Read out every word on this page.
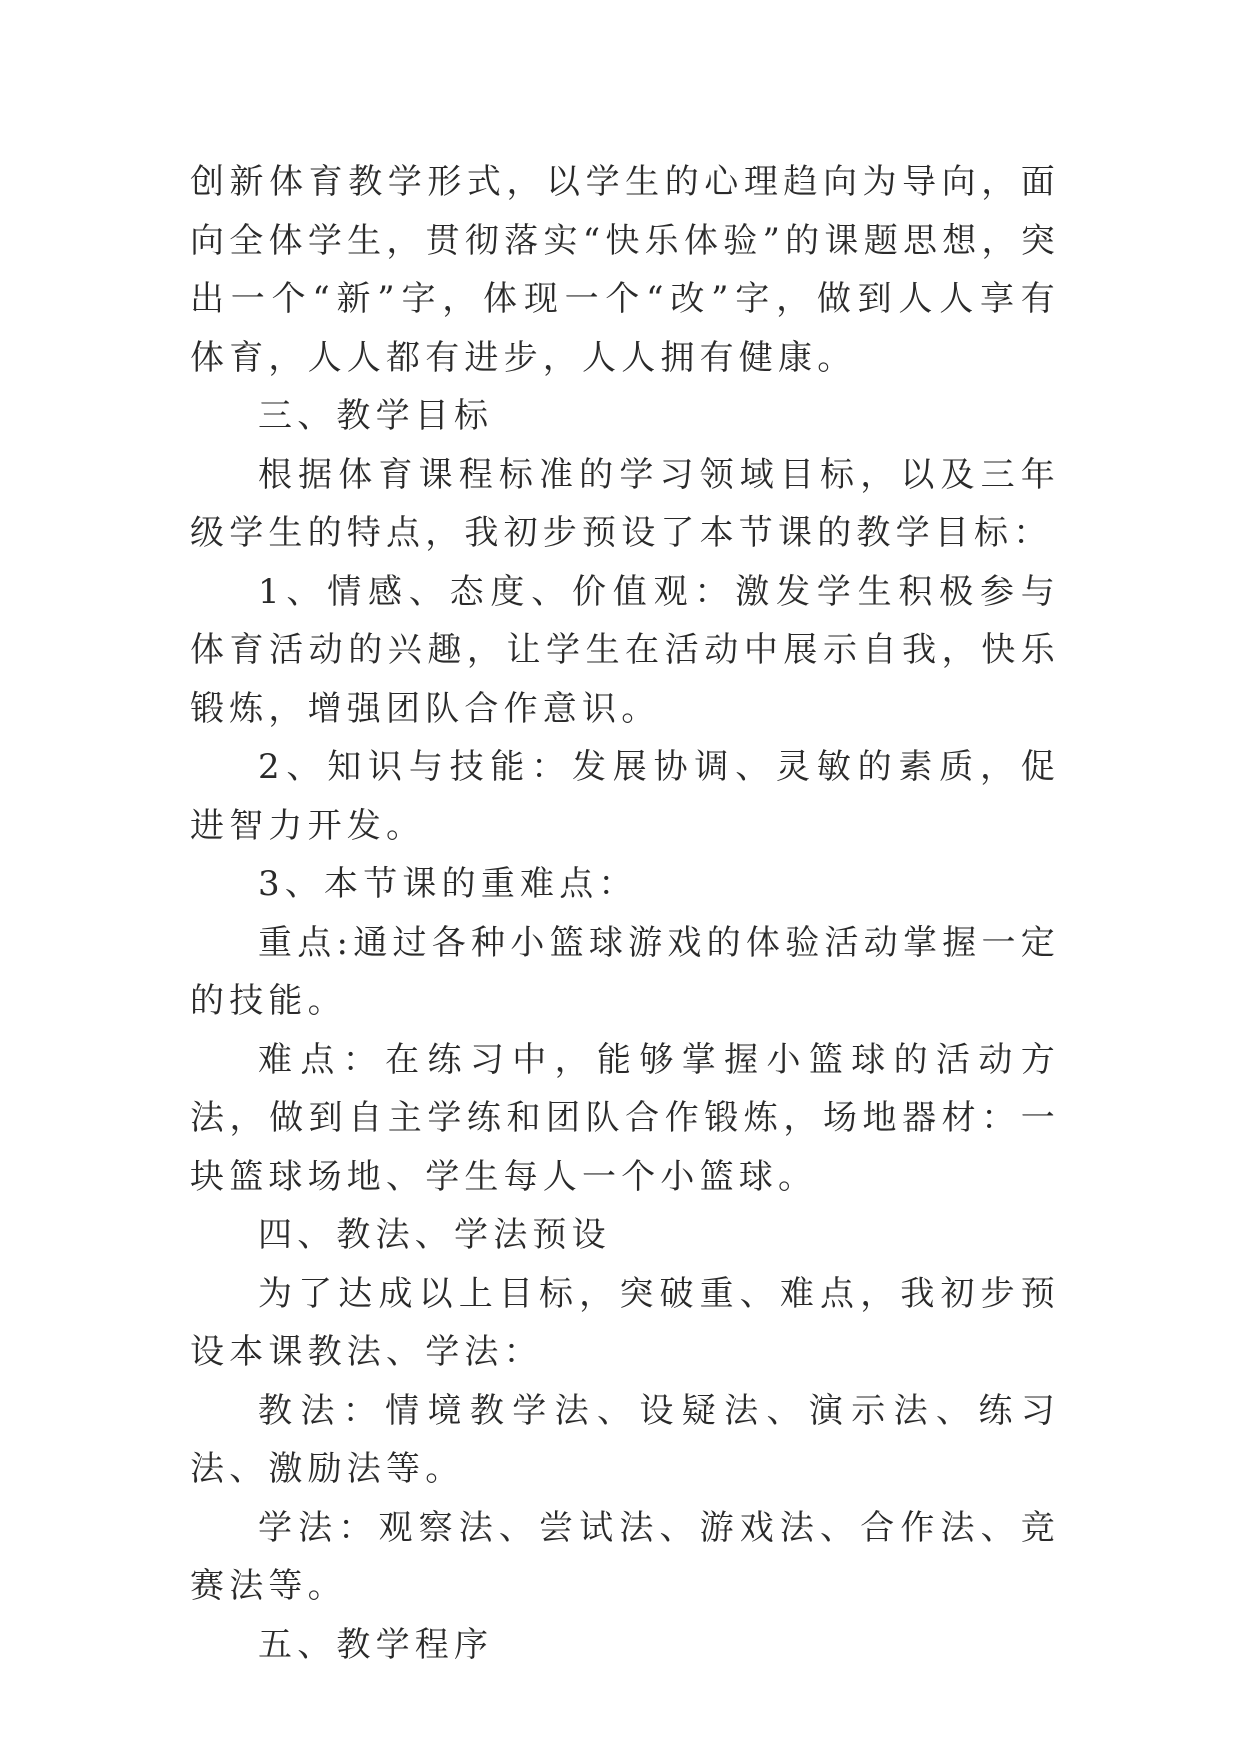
创新体育教学形式，以学生的心理趋向为导向，面向全体学生，贯彻落实“快乐体验”的课题思想，突出一个“新”字，体现一个“改”字，做到人人享有体育，人人都有进步，人人拥有健康。

三、教学目标

根据体育课程标准的学习领域目标，以及三年级学生的特点，我初步预设了本节课的教学目标：

1、情感、态度、价值观：激发学生积极参与体育活动的兴趣，让学生在活动中展示自我，快乐锻炼，增强团队合作意识。

2、知识与技能：发展协调、灵敏的素质，促进智力开发。

3、本节课的重难点：

重点:通过各种小篮球游戏的体验活动掌握一定的技能。

难点：在练习中，能够掌握小篮球的活动方法，做到自主学练和团队合作锻炼，场地器材：一块篮球场地、学生每人一个小篮球。

四、教法、学法预设

为了达成以上目标，突破重、难点，我初步预设本课教法、学法：

教法：情境教学法、设疑法、演示法、练习法、激励法等。

学法：观察法、尝试法、游戏法、合作法、竞赛法等。

五、教学程序
